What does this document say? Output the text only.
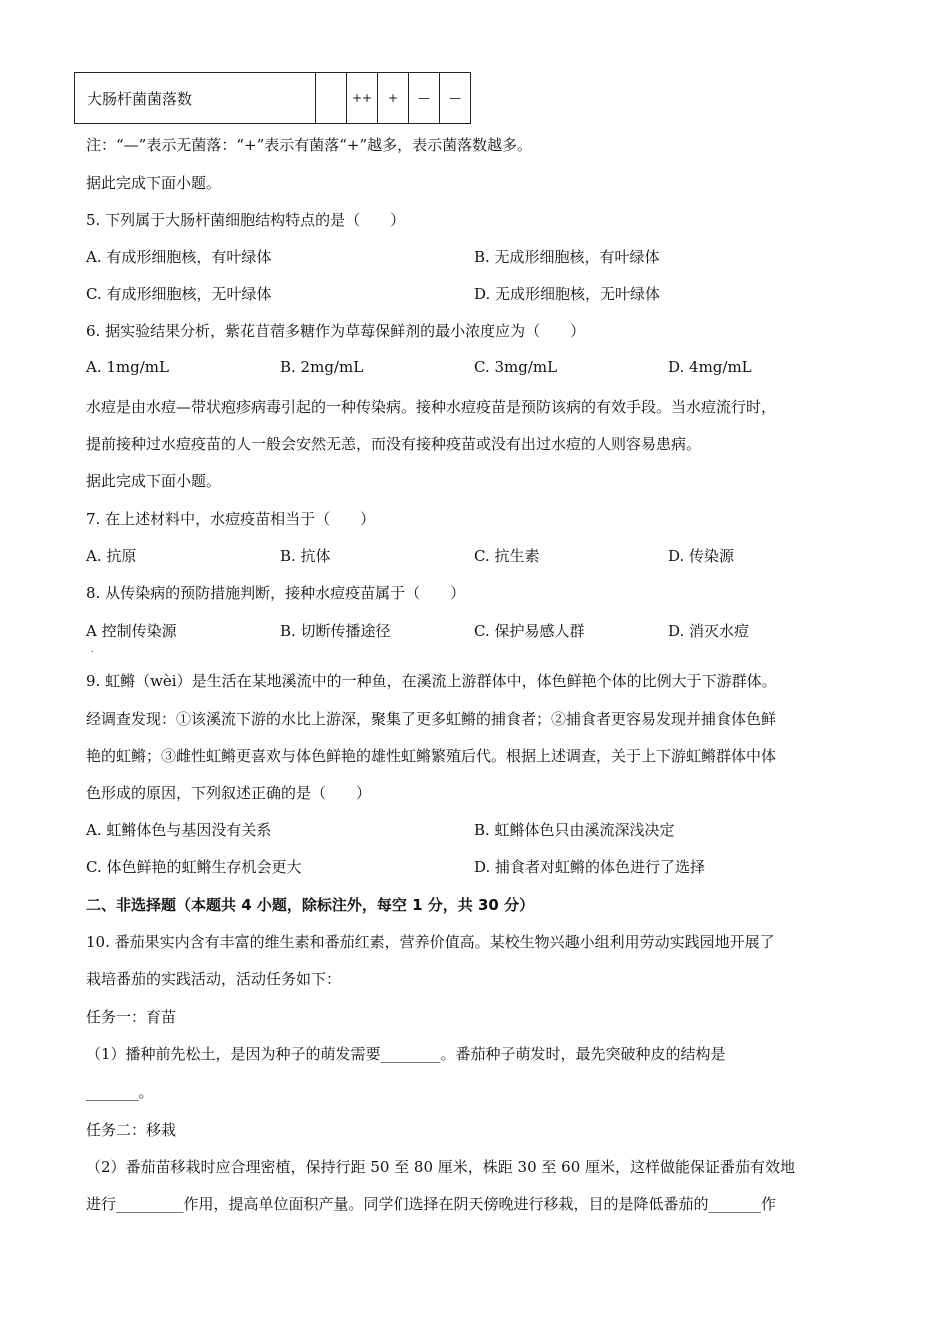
大肠杆菌菌落数		++	+	—	—
注：“—”表示无菌落：“+”表示有菌落“+”越多，表示菌落数越多。
据此完成下面小题。
5. 下列属于大肠杆菌细胞结构特点的是（　　）
A. 有成形细胞核，有叶绿体	B. 无成形细胞核，有叶绿体
C. 有成形细胞核，无叶绿体	D. 无成形细胞核，无叶绿体
6. 据实验结果分析，紫花苜蓿多糖作为草莓保鲜剂的最小浓度应为（　　）
A. 1mg/mL	B. 2mg/mL	C. 3mg/mL	D. 4mg/mL
水痘是由水痘—带状疱疹病毒引起的一种传染病。接种水痘疫苗是预防该病的有效手段。当水痘流行时，
提前接种过水痘疫苗的人一般会安然无恙，而没有接种疫苗或没有出过水痘的人则容易患病。
据此完成下面小题。
7. 在上述材料中，水痘疫苗相当于（　　）
A. 抗原	B. 抗体	C. 抗生素	D. 传染源
8. 从传染病的预防措施判断，接种水痘疫苗属于（　　）
A 控制传染源	B. 切断传播途径	C. 保护易感人群	D. 消灭水痘
.
9. 虹鳉（wèi）是生活在某地溪流中的一种鱼，在溪流上游群体中，体色鲜艳个体的比例大于下游群体。
经调查发现：①该溪流下游的水比上游深，聚集了更多虹鳉的捕食者；②捕食者更容易发现并捕食体色鲜
艳的虹鳉；③雌性虹鳉更喜欢与体色鲜艳的雄性虹鳉繁殖后代。根据上述调查，关于上下游虹鳉群体中体
色形成的原因，下列叙述正确的是（　　）
A. 虹鳉体色与基因没有关系	B. 虹鳉体色只由溪流深浅决定
C. 体色鲜艳的虹鳉生存机会更大	D. 捕食者对虹鳉的体色进行了选择
二、非选择题（本题共 4 小题，除标注外，每空 1 分，共 30 分）
10. 番茄果实内含有丰富的维生素和番茄红素，营养价值高。某校生物兴趣小组利用劳动实践园地开展了
栽培番茄的实践活动，活动任务如下：
任务一：育苗
（1）播种前先松土，是因为种子的萌发需要________。番茄种子萌发时，最先突破种皮的结构是
_______。
任务二：移栽
（2）番茄苗移栽时应合理密植，保持行距 50 至 80 厘米，株距 30 至 60 厘米，这样做能保证番茄有效地
进行_________作用，提高单位面积产量。同学们选择在阴天傍晚进行移栽，目的是降低番茄的_______作
